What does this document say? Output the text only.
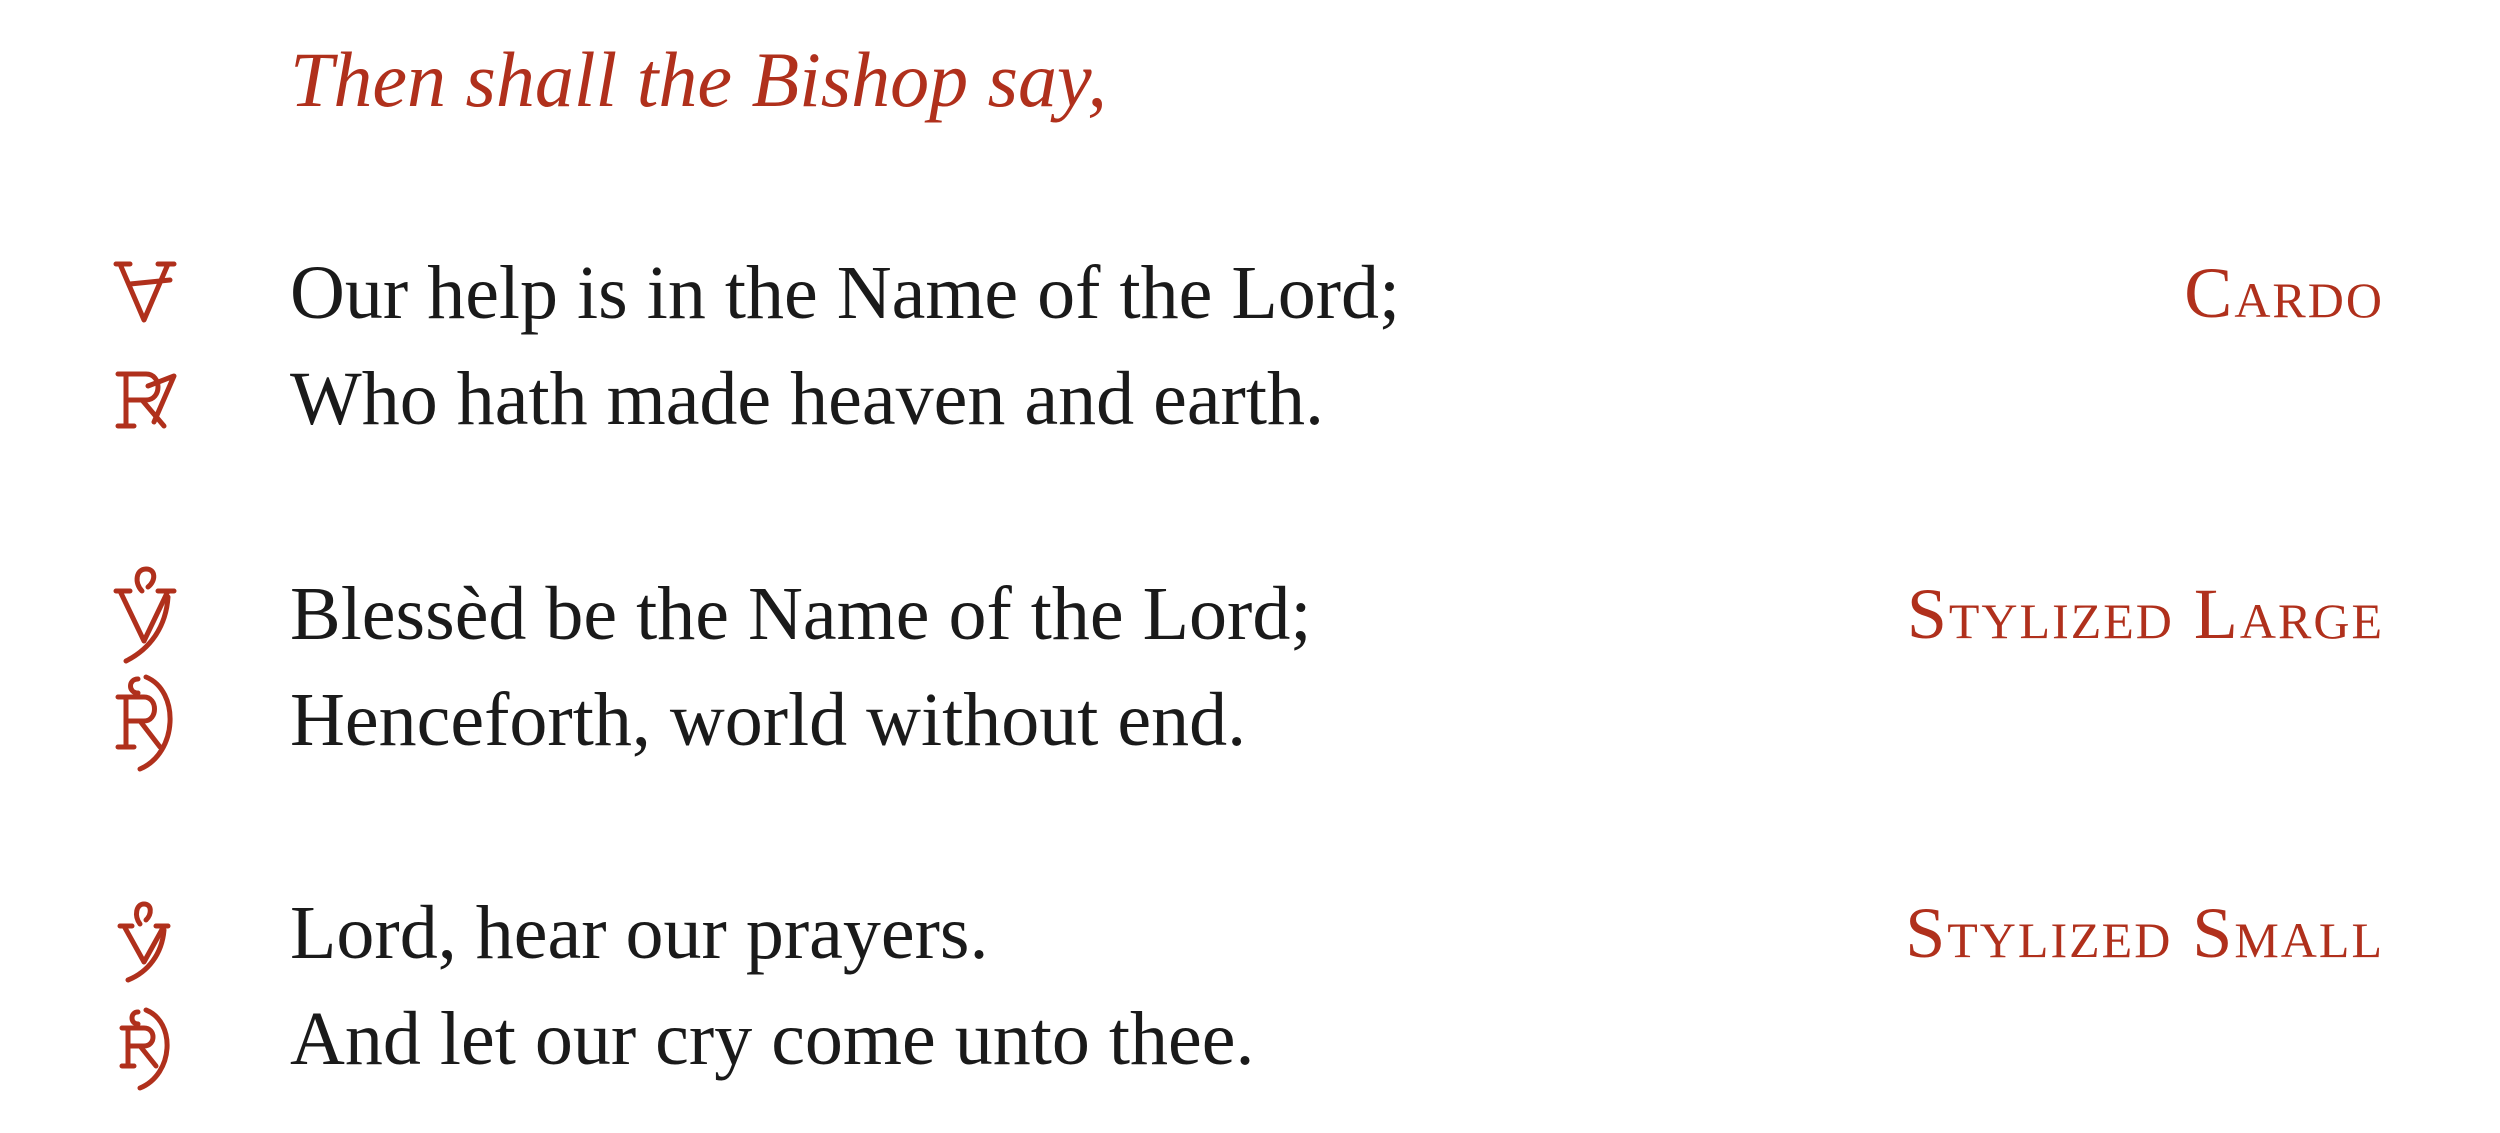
Then shall the Bishop say,
Our help is in the Name of the Lord;	Cardo
Who hath made heaven and earth.
Blessèd be the Name of the Lord;	Stylized Large
Henceforth, world without end.
Lord, hear our prayers.	Stylized Small
And let our cry come unto thee.
